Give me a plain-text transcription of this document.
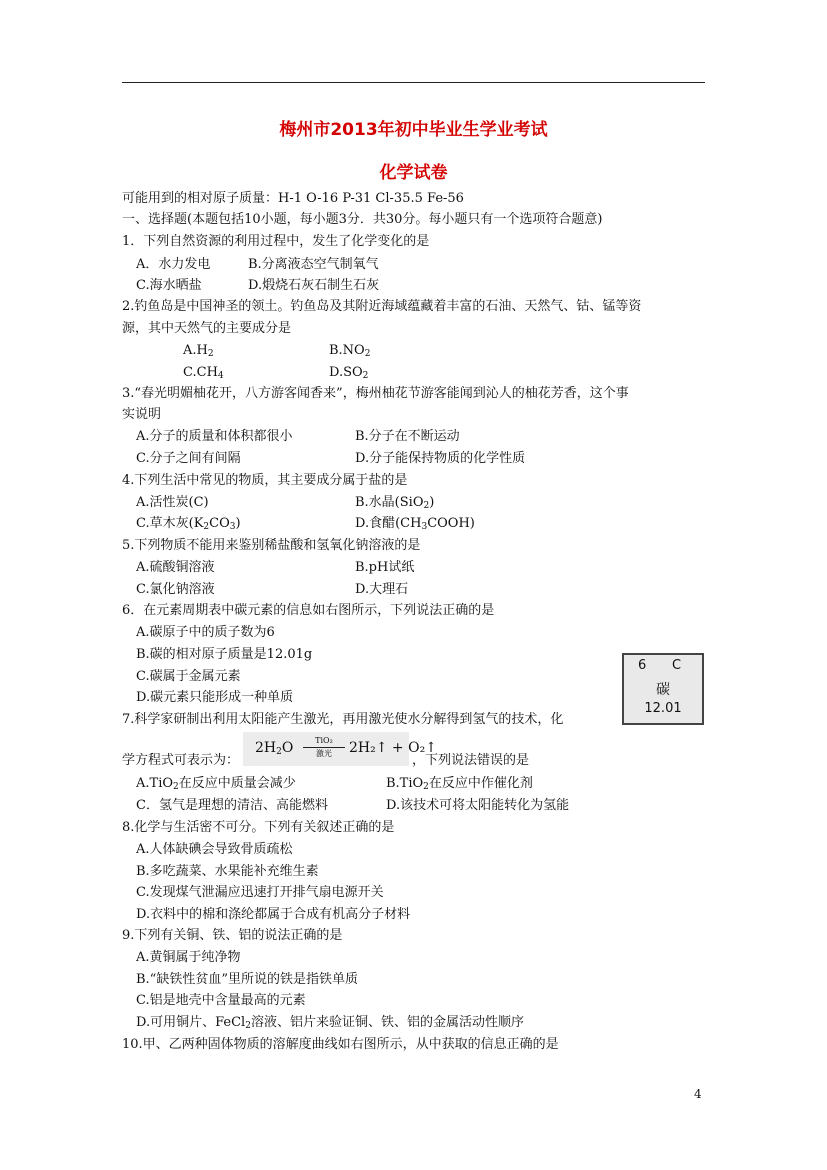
梅州市2013年初中毕业生学业考试
化学试卷
可能用到的相对原子质量：H-1 O-16 P-31 Cl-35.5 Fe-56
一、选择题(本题包括10小题，每小题3分．共30分。每小题只有一个选项符合题意)
1．下列自然资源的利用过程中，发生了化学变化的是
A．水力发电	B.分离液态空气制氧气
C.海水晒盐	D.煅烧石灰石制生石灰
2.钓鱼岛是中国神圣的领土。钓鱼岛及其附近海域蕴藏着丰富的石油、天然气、钴、锰等资
源，其中天然气的主要成分是
$A.H_2$	$B.NO_2$
$C.CH_4$	$D.SO_2$
3.“春光明媚柚花开，八方游客闻香来”，梅州柚花节游客能闻到沁人的柚花芳香，这个事
实说明
A.分子的质量和体积都很小	B.分子在不断运动
C.分子之间有间隔	D.分子能保持物质的化学性质
4.下列生活中常见的物质，其主要成分属于盐的是
A.活性炭(C)	B.水晶(SiO$_2$)
C.草木灰$(K_2CO_3)$	D.食醋$(CH_3COOH)$
5.下列物质不能用来鉴别稀盐酸和氢氧化钠溶液的是
A.硫酸铜溶液	B.pH试纸
C.氯化钠溶液	D.大理石
6．在元素周期表中碳元素的信息如右图所示，下列说法正确的是
A.碳原子中的质子数为6
B.碳的相对原子质量是12.01g
C.碳属于金属元素
D.碳元素只能形成一种单质
6 C
碳
12.01
7.科学家研制出利用太阳能产生激光，再用激光使水分解得到氢气的技术，化
学方程式可表示为：
$2H_2O$	TiO₂
激光	2H₂↑ + O₂↑
，下列说法错误的是
A.TiO$_2$在反应中质量会减少	B.TiO$_2$在反应中作催化剂
C．氢气是理想的清洁、高能燃料	D.该技术可将太阳能转化为氢能
8.化学与生活密不可分。下列有关叙述正确的是
A.人体缺碘会导致骨质疏松
B.多吃蔬菜、水果能补充维生素
C.发现煤气泄漏应迅速打开排气扇电源开关
D.衣料中的棉和涤纶都属于合成有机高分子材料
9.下列有关铜、铁、铝的说法正确的是
A.黄铜属于纯净物
B.“缺铁性贫血”里所说的铁是指铁单质
C.铝是地壳中含量最高的元素
D.可用铜片、FeCl$_2$溶液、铝片来验证铜、铁、铝的金属活动性顺序
10.甲、乙两种固体物质的溶解度曲线如右图所示，从中获取的信息正确的是
4
